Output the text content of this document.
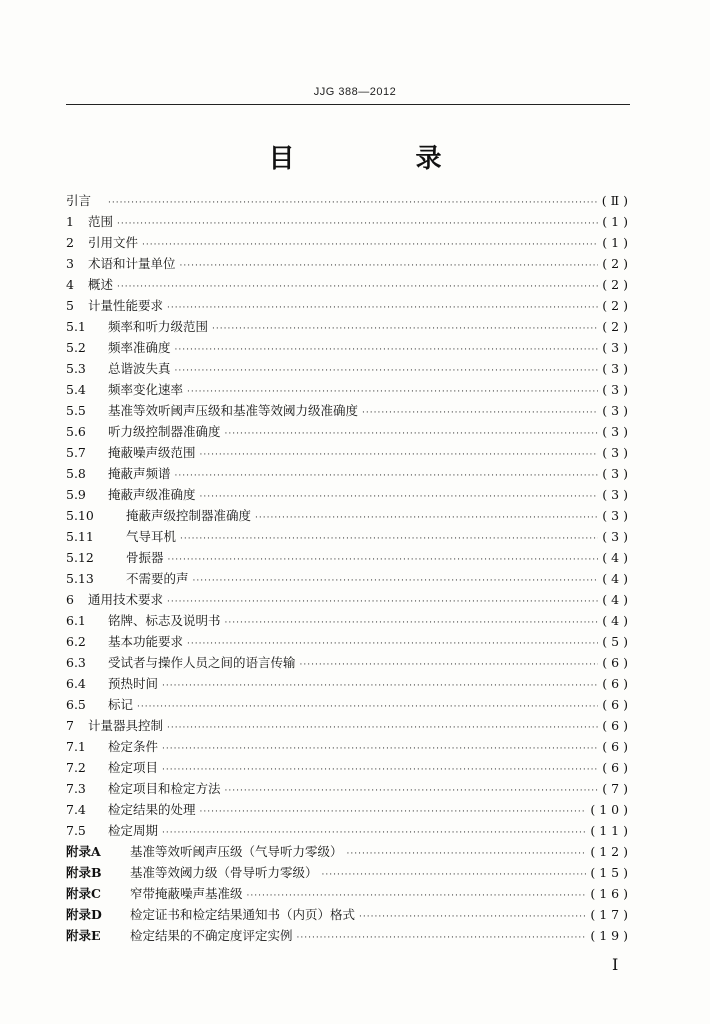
JJG 388—2012
目 录
引言 ·····	(Ⅱ)
1	范围 ·····	(1)
2	引用文件 ·····	(1)
3	术语和计量单位 ·····	(2)
4	概述 ·····	(2)
5	计量性能要求 ·····	(2)
5.1	频率和听力级范围 ·····	(2)
5.2	频率准确度 ·····	(3)
5.3	总谐波失真 ·····	(3)
5.4	频率变化速率 ·····	(3)
5.5	基准等效听阈声压级和基准等效阈力级准确度 ·····	(3)
5.6	听力级控制器准确度 ·····	(3)
5.7	掩蔽噪声级范围 ·····	(3)
5.8	掩蔽声频谱 ·····	(3)
5.9	掩蔽声级准确度 ·····	(3)
5.10	掩蔽声级控制器准确度 ·····	(3)
5.11	气导耳机 ·····	(3)
5.12	骨振器 ·····	(4)
5.13	不需要的声 ·····	(4)
6	通用技术要求 ·····	(4)
6.1	铭牌、标志及说明书 ·····	(4)
6.2	基本功能要求 ·····	(5)
6.3	受试者与操作人员之间的语言传输 ·····	(6)
6.4	预热时间 ·····	(6)
6.5	标记 ·····	(6)
7	计量器具控制 ·····	(6)
7.1	检定条件 ·····	(6)
7.2	检定项目 ·····	(6)
7.3	检定项目和检定方法 ·····	(7)
7.4	检定结果的处理 ·····	(10)
7.5	检定周期 ·····	(11)
附录A	基准等效听阈声压级（气导听力零级） ·····	(12)
附录B	基准等效阈力级（骨导听力零级） ·····	(15)
附录C	窄带掩蔽噪声基准级 ·····	(16)
附录D	检定证书和检定结果通知书（内页）格式 ·····	(17)
附录E	检定结果的不确定度评定实例 ·····	(19)
I
